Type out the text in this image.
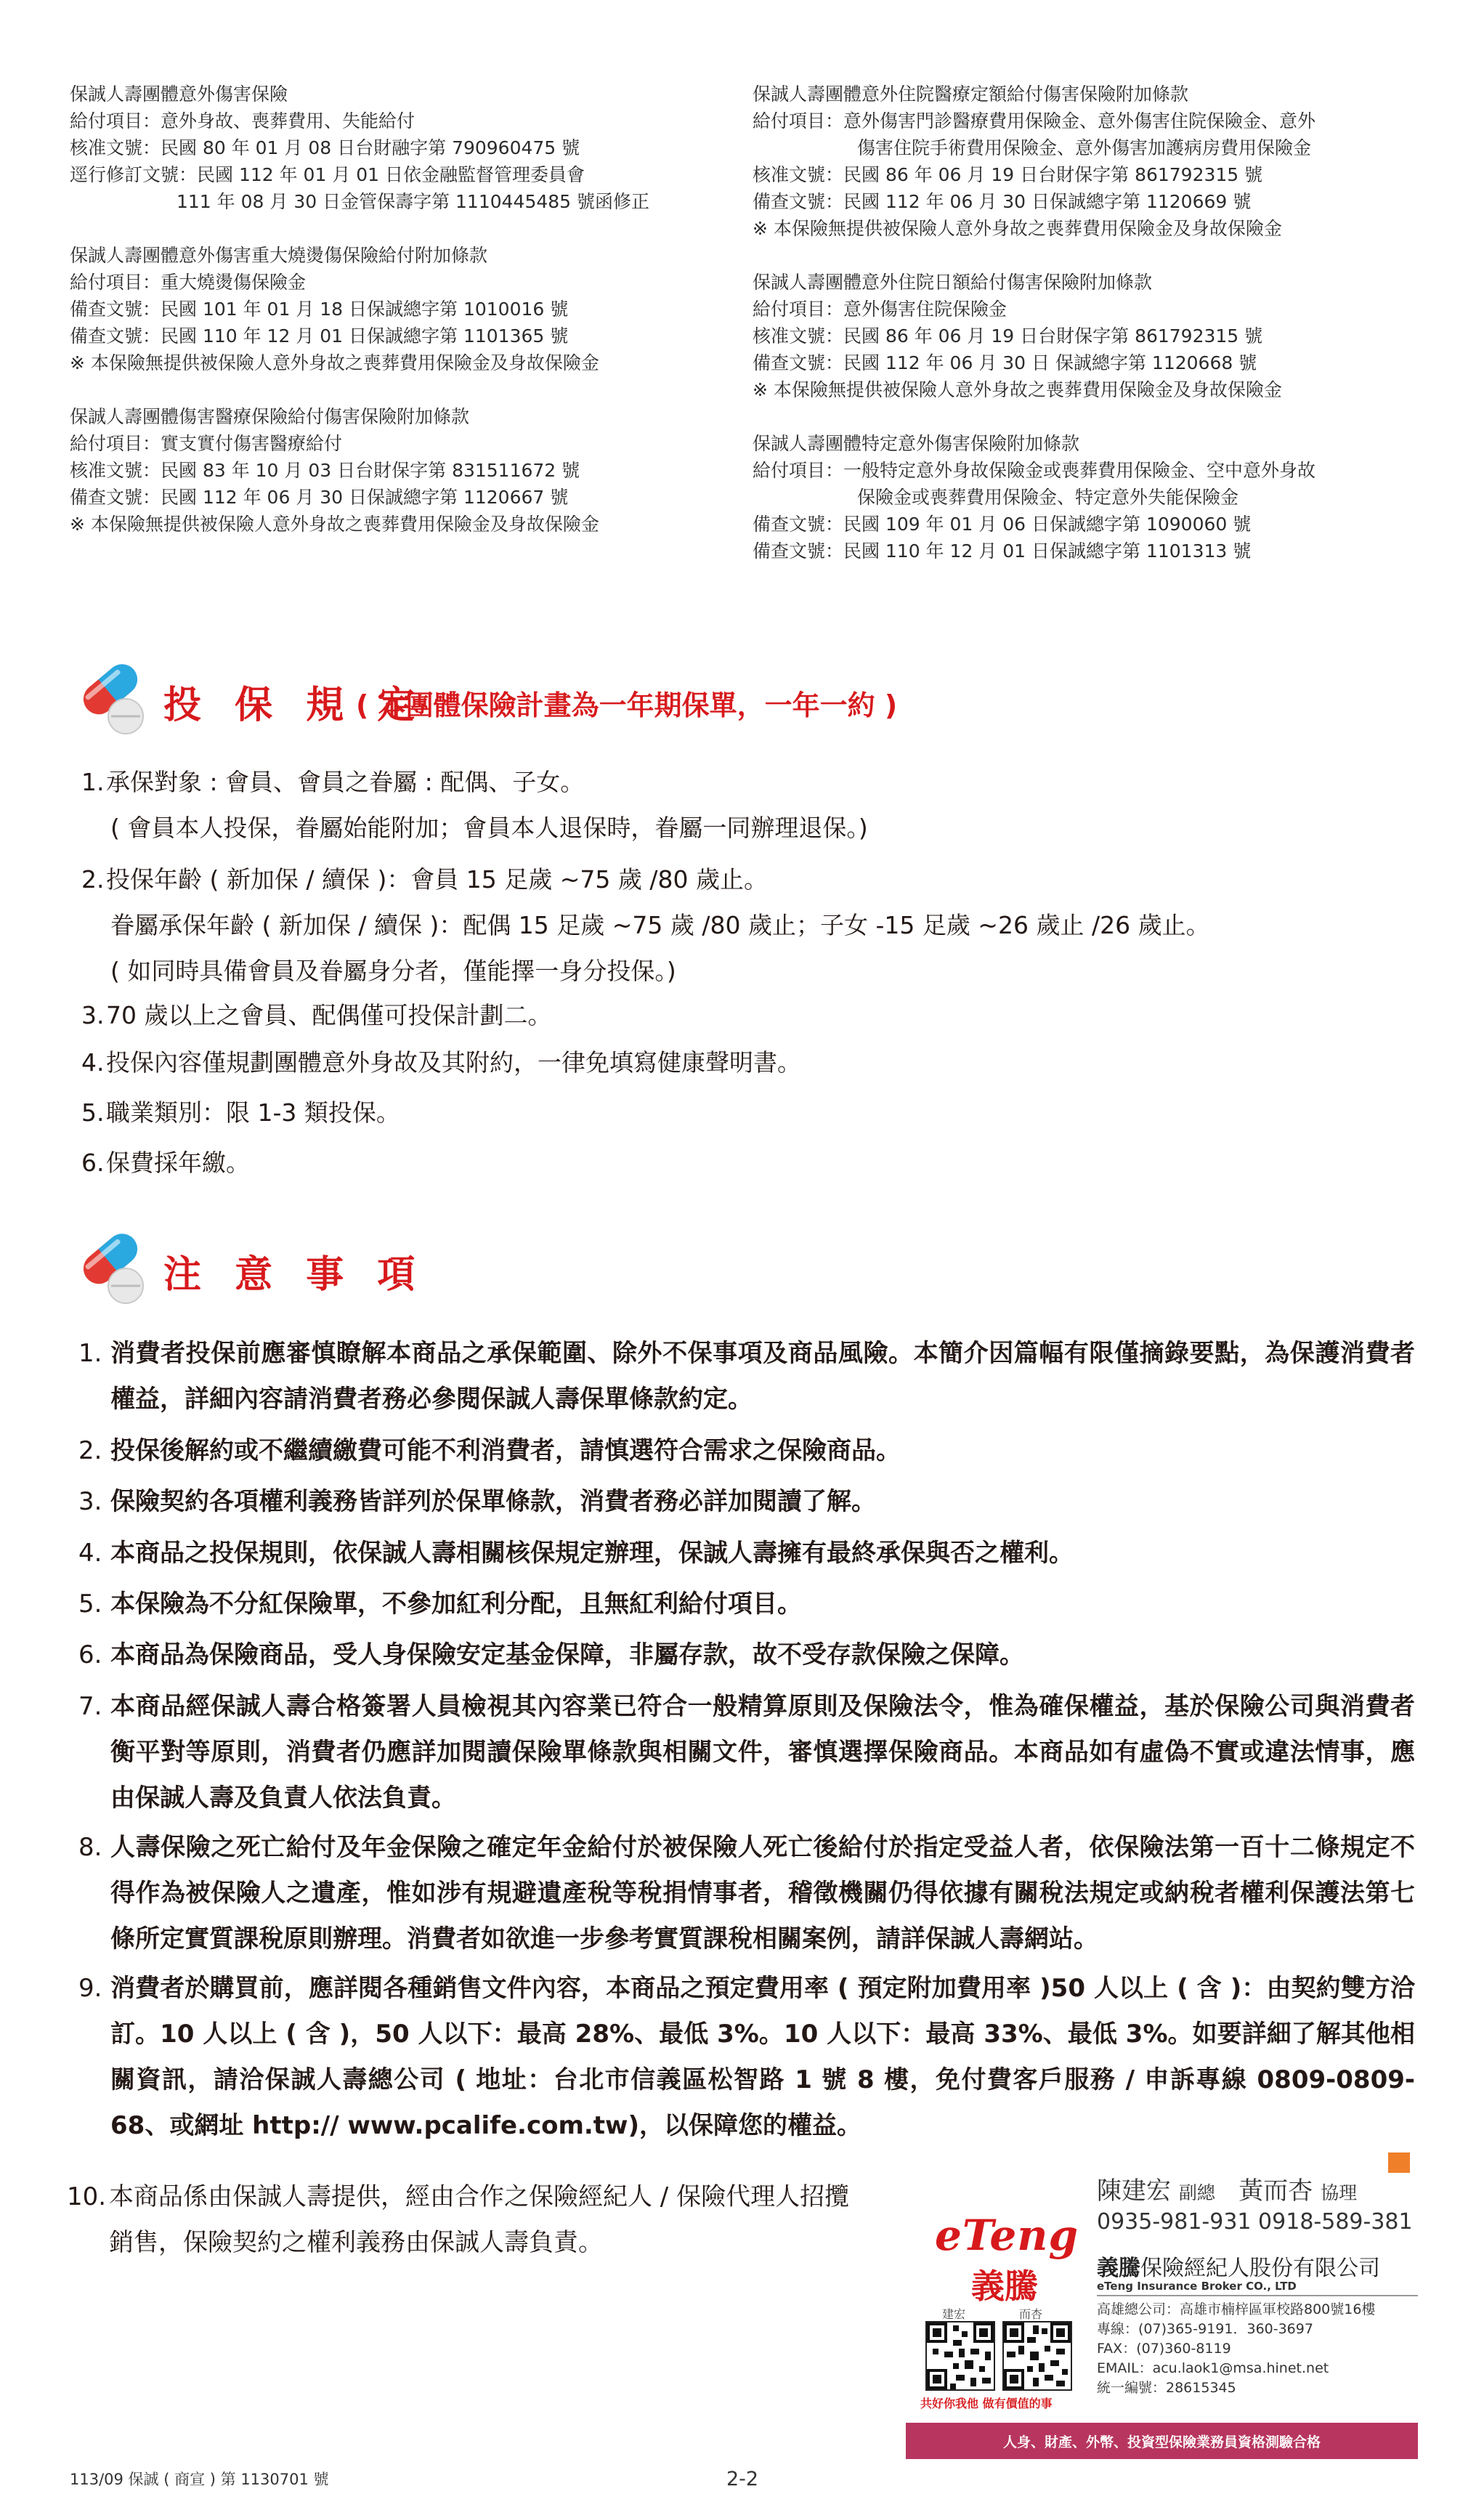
保誠人壽團體意外傷害保險
給付項目：意外身故、喪葬費用、失能給付
核准文號：民國 80 年 01 月 08 日台財融字第 790960475 號
逕行修訂文號：民國 112 年 01 月 01 日依金融監督管理委員會
111 年 08 月 30 日金管保壽字第 1110445485 號函修正
保誠人壽團體意外傷害重大燒燙傷保險給付附加條款
給付項目：重大燒燙傷保險金
備查文號：民國 101 年 01 月 18 日保誠總字第 1010016 號
備查文號：民國 110 年 12 月 01 日保誠總字第 1101365 號
※ 本保險無提供被保險人意外身故之喪葬費用保險金及身故保險金
保誠人壽團體傷害醫療保險給付傷害保險附加條款
給付項目：實支實付傷害醫療給付
核准文號：民國 83 年 10 月 03 日台財保字第 831511672 號
備查文號：民國 112 年 06 月 30 日保誠總字第 1120667 號
※ 本保險無提供被保險人意外身故之喪葬費用保險金及身故保險金
保誠人壽團體意外住院醫療定額給付傷害保險附加條款
給付項目：意外傷害門診醫療費用保險金、意外傷害住院保險金、意外
傷害住院手術費用保險金、意外傷害加護病房費用保險金
核准文號：民國 86 年 06 月 19 日台財保字第 861792315 號
備查文號：民國 112 年 06 月 30 日保誠總字第 1120669 號
※ 本保險無提供被保險人意外身故之喪葬費用保險金及身故保險金
保誠人壽團體意外住院日額給付傷害保險附加條款
給付項目：意外傷害住院保險金
核准文號：民國 86 年 06 月 19 日台財保字第 861792315 號
備查文號：民國 112 年 06 月 30 日 保誠總字第 1120668 號
※ 本保險無提供被保險人意外身故之喪葬費用保險金及身故保險金
保誠人壽團體特定意外傷害保險附加條款
給付項目：一般特定意外身故保險金或喪葬費用保險金、空中意外身故
保險金或喪葬費用保險金、特定意外失能保險金
備查文號：民國 109 年 01 月 06 日保誠總字第 1090060 號
備查文號：民國 110 年 12 月 01 日保誠總字第 1101313 號
投 保 規 定
( 本團體保險計畫為一年期保單，一年一約 )
1.承保對象 : 會員、會員之眷屬 : 配偶、子女。
( 會員本人投保，眷屬始能附加；會員本人退保時，眷屬一同辦理退保。)
2.投保年齡 ( 新加保 / 續保 )：會員 15 足歲 ~75 歲 /80 歲止。
眷屬承保年齡 ( 新加保 / 續保 )：配偶 15 足歲 ~75 歲 /80 歲止；子女 -15 足歲 ~26 歲止 /26 歲止。
( 如同時具備會員及眷屬身分者，僅能擇一身分投保。)
3.70 歲以上之會員、配偶僅可投保計劃二。
4.投保內容僅規劃團體意外身故及其附約，一律免填寫健康聲明書。
5.職業類別：限 1-3 類投保。
6.保費採年繳。
注 意 事 項
1. 消費者投保前應審慎瞭解本商品之承保範圍、除外不保事項及商品風險。本簡介因篇幅有限僅摘錄要點，為保護消費者權益，詳細內容請消費者務必參閱保誠人壽保單條款約定。
2. 投保後解約或不繼續繳費可能不利消費者，請慎選符合需求之保險商品。
3. 保險契約各項權利義務皆詳列於保單條款，消費者務必詳加閱讀了解。
4. 本商品之投保規則，依保誠人壽相關核保規定辦理，保誠人壽擁有最終承保與否之權利。
5. 本保險為不分紅保險單，不參加紅利分配，且無紅利給付項目。
6. 本商品為保險商品，受人身保險安定基金保障，非屬存款，故不受存款保險之保障。
7. 本商品經保誠人壽合格簽署人員檢視其內容業已符合一般精算原則及保險法令，惟為確保權益，基於保險公司與消費者衡平對等原則，消費者仍應詳加閱讀保險單條款與相關文件，審慎選擇保險商品。本商品如有虛偽不實或違法情事，應由保誠人壽及負責人依法負責。
8. 人壽保險之死亡給付及年金保險之確定年金給付於被保險人死亡後給付於指定受益人者，依保險法第一百十二條規定不得作為被保險人之遺產，惟如涉有規避遺產稅等稅捐情事者，稽徵機關仍得依據有關稅法規定或納稅者權利保護法第七條所定實質課稅原則辦理。消費者如欲進一步參考實質課稅相關案例，請詳保誠人壽網站。
9. 消費者於購買前，應詳閱各種銷售文件內容，本商品之預定費用率 ( 預定附加費用率 )50 人以上 ( 含 )：由契約雙方洽訂。10 人以上 ( 含 )，50 人以下：最高 28%、最低 3%。10 人以下：最高 33%、最低 3%。如要詳細了解其他相關資訊，請洽保誠人壽總公司 ( 地址：台北市信義區松智路 1 號 8 樓，免付費客戶服務 / 申訴專線 0809-0809-68、或網址 http:// www.pcalife.com.tw)，以保障您的權益。
10. 本商品係由保誠人壽提供，經由合作之保險經紀人 / 保險代理人招攬
銷售，保險契約之權利義務由保誠人壽負責。	eTeng
義騰
陳建宏 副總 黃而杏 協理
0935-981-931 0918-589-381
義騰保險經紀人股份有限公司
eTeng Insurance Broker CO., LTD
高雄總公司：高雄市楠梓區軍校路800號16樓
專線：(07)365-9191．360-3697
FAX：(07)360-8119
EMAIL：acu.laok1@msa.hinet.net
統一編號：28615345
建宏	而杏
共好你我他 做有價值的事
人身、財產、外幣、投資型保險業務員資格測驗合格
113/09 保誠 ( 商宣 ) 第 1130701 號	2-2
